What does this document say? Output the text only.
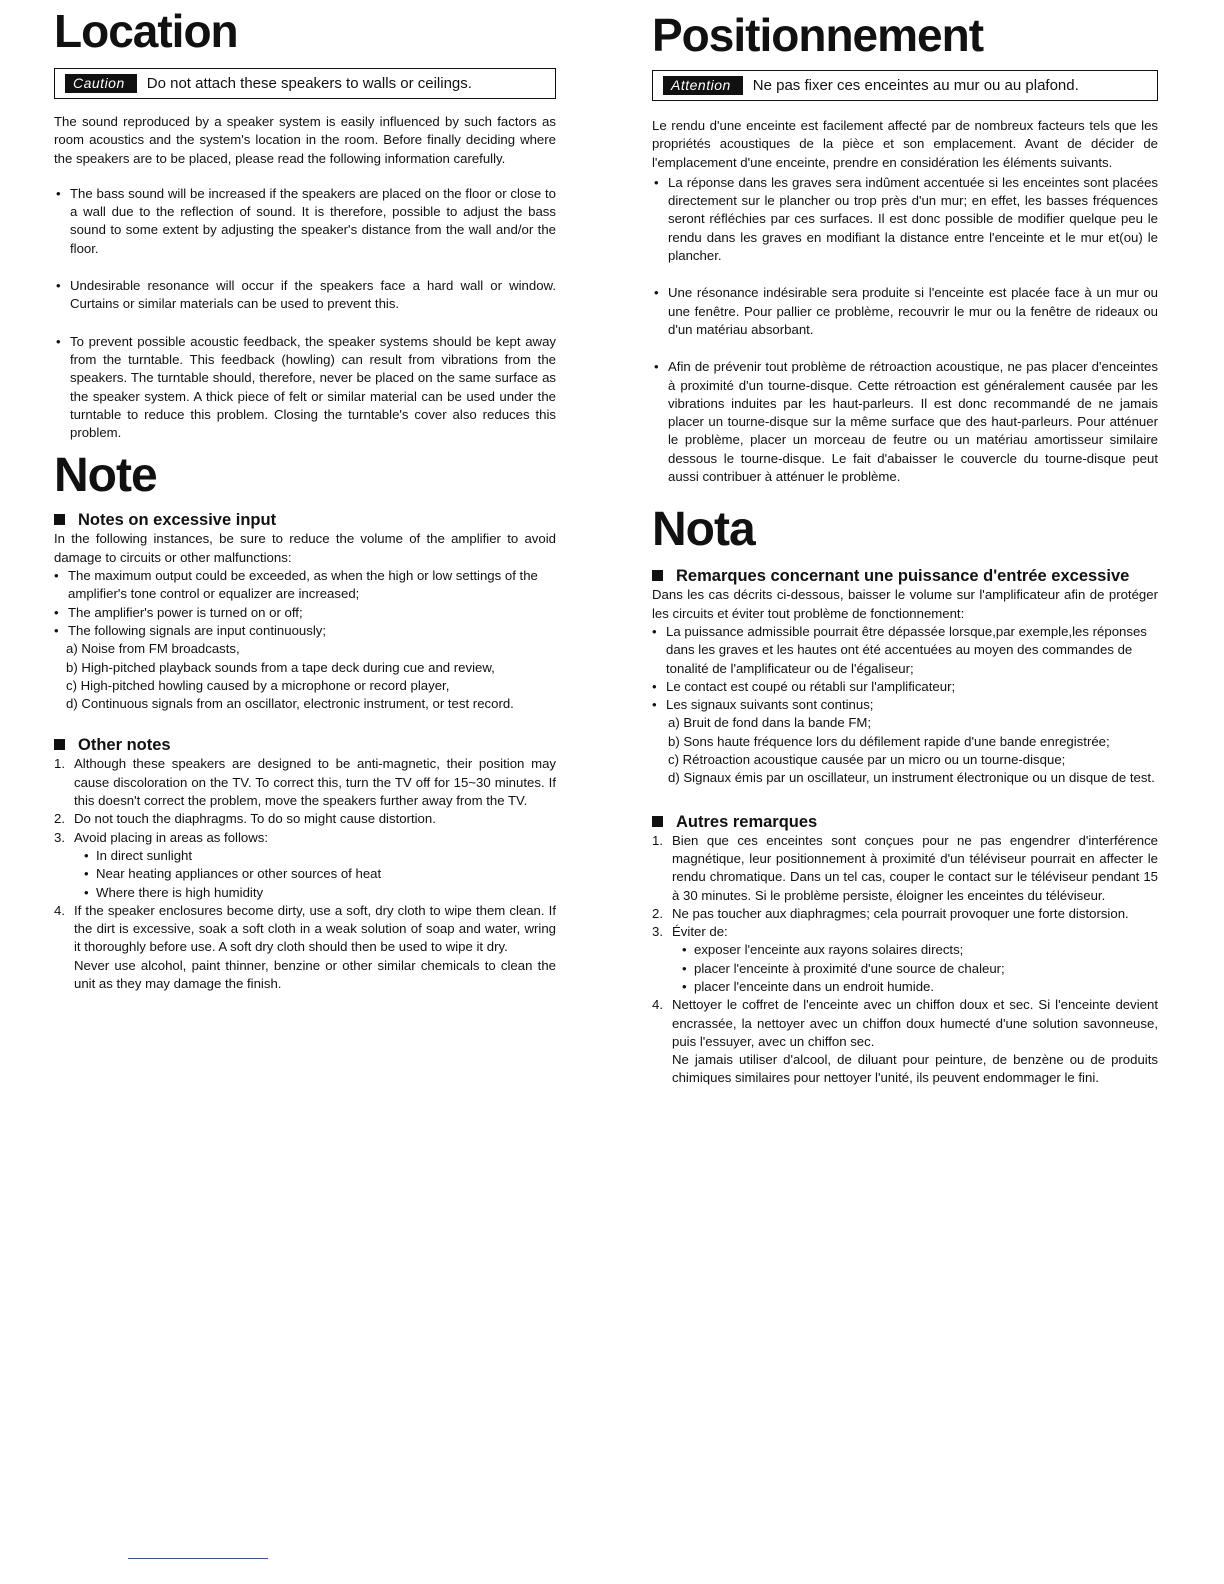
Location
Caution	Do not attach these speakers to walls or ceilings.

The sound reproduced by a speaker system is easily influenced by such factors as room acoustics and the system's location in the room. Before finally deciding where the speakers are to be placed, please read the following information carefully.

• The bass sound will be increased if the speakers are placed on the floor or close to a wall due to the reflection of sound. It is therefore, possible to adjust the bass sound to some extent by adjusting the speaker's distance from the wall and/or the floor.
• Undesirable resonance will occur if the speakers face a hard wall or window. Curtains or similar materials can be used to prevent this.
• To prevent possible acoustic feedback, the speaker systems should be kept away from the turntable. This feedback (howling) can result from vibrations from the speakers. The turntable should, therefore, never be placed on the same surface as the speaker system. A thick piece of felt or similar material can be used under the turntable to reduce this problem. Closing the turntable's cover also reduces this problem.
Note
Notes on excessive input

In the following instances, be sure to reduce the volume of the amplifier to avoid damage to circuits or other malfunctions:

• The maximum output could be exceeded, as when the high or low settings of the amplifier's tone control or equalizer are increased;
• The amplifier's power is turned on or off;
• The following signals are input continuously;
a) Noise from FM broadcasts,
b) High-pitched playback sounds from a tape deck during cue and review,
c) High-pitched howling caused by a microphone or record player,
d) Continuous signals from an oscillator, electronic instrument, or test record.
Other notes
1. Although these speakers are designed to be anti-magnetic, their position may cause discoloration on the TV. To correct this, turn the TV off for 15~30 minutes. If this doesn't correct the problem, move the speakers further away from the TV.
2. Do not touch the diaphragms. To do so might cause distortion.
3. Avoid placing in areas as follows:
• In direct sunlight
• Near heating appliances or other sources of heat
• Where there is high humidity
4. If the speaker enclosures become dirty, use a soft, dry cloth to wipe them clean. If the dirt is excessive, soak a soft cloth in a weak solution of soap and water, wring it thoroughly before use. A soft dry cloth should then be used to wipe it dry.
Never use alcohol, paint thinner, benzine or other similar chemicals to clean the unit as they may damage the finish.
Positionnement
Attention	Ne pas fixer ces enceintes au mur ou au plafond.

Le rendu d'une enceinte est facilement affecté par de nombreux facteurs tels que les propriétés acoustiques de la pièce et son emplacement. Avant de décider de l'emplacement d'une enceinte, prendre en considération les éléments suivants.

• La réponse dans les graves sera indûment accentuée si les enceintes sont placées directement sur le plancher ou trop près d'un mur; en effet, les basses fréquences seront réfléchies par ces surfaces. Il est donc possible de modifier quelque peu le rendu dans les graves en modifiant la distance entre l'enceinte et le mur et(ou) le plancher.
• Une résonance indésirable sera produite si l'enceinte est placée face à un mur ou une fenêtre. Pour pallier ce problème, recouvrir le mur ou la fenêtre de rideaux ou d'un matériau absorbant.
• Afin de prévenir tout problème de rétroaction acoustique, ne pas placer d'enceintes à proximité d'un tourne-disque. Cette rétroaction est généralement causée par les vibrations induites par les haut-parleurs. Il est donc recommandé de ne jamais placer un tourne-disque sur la même surface que des haut-parleurs. Pour atténuer le problème, placer un morceau de feutre ou un matériau amortisseur similaire dessous le tourne-disque. Le fait d'abaisser le couvercle du tourne-disque peut aussi contribuer à atténuer le problème.
Nota
Remarques concernant une puissance d'entrée excessive

Dans les cas décrits ci-dessous, baisser le volume sur l'amplificateur afin de protéger les circuits et éviter tout problème de fonctionnement:

• La puissance admissible pourrait être dépassée lorsque,par exemple,les réponses dans les graves et les hautes ont été accentuées au moyen des commandes de tonalité de l'amplificateur ou de l'égaliseur;
• Le contact est coupé ou rétabli sur l'amplificateur;
• Les signaux suivants sont continus;
a) Bruit de fond dans la bande FM;
b) Sons haute fréquence lors du défilement rapide d'une bande enregistrée;
c) Rétroaction acoustique causée par un micro ou un tourne-disque;
d) Signaux émis par un oscillateur, un instrument électronique ou un disque de test.
Autres remarques
1. Bien que ces enceintes sont conçues pour ne pas engendrer d'interférence magnétique, leur positionnement à proximité d'un téléviseur pourrait en affecter le rendu chromatique. Dans un tel cas, couper le contact sur le téléviseur pendant 15 à 30 minutes. Si le problème persiste, éloigner les enceintes du téléviseur.
2. Ne pas toucher aux diaphragmes; cela pourrait provoquer une forte distorsion.
3. Éviter de:
• exposer l'enceinte aux rayons solaires directs;
• placer l'enceinte à proximité d'une source de chaleur;
• placer l'enceinte dans un endroit humide.
4. Nettoyer le coffret de l'enceinte avec un chiffon doux et sec. Si l'enceinte devient encrassée, la nettoyer avec un chiffon doux humecté d'une solution savonneuse, puis l'essuyer, avec un chiffon sec.
Ne jamais utiliser d'alcool, de diluant pour peinture, de benzène ou de produits chimiques similaires pour nettoyer l'unité, ils peuvent endommager le fini.
